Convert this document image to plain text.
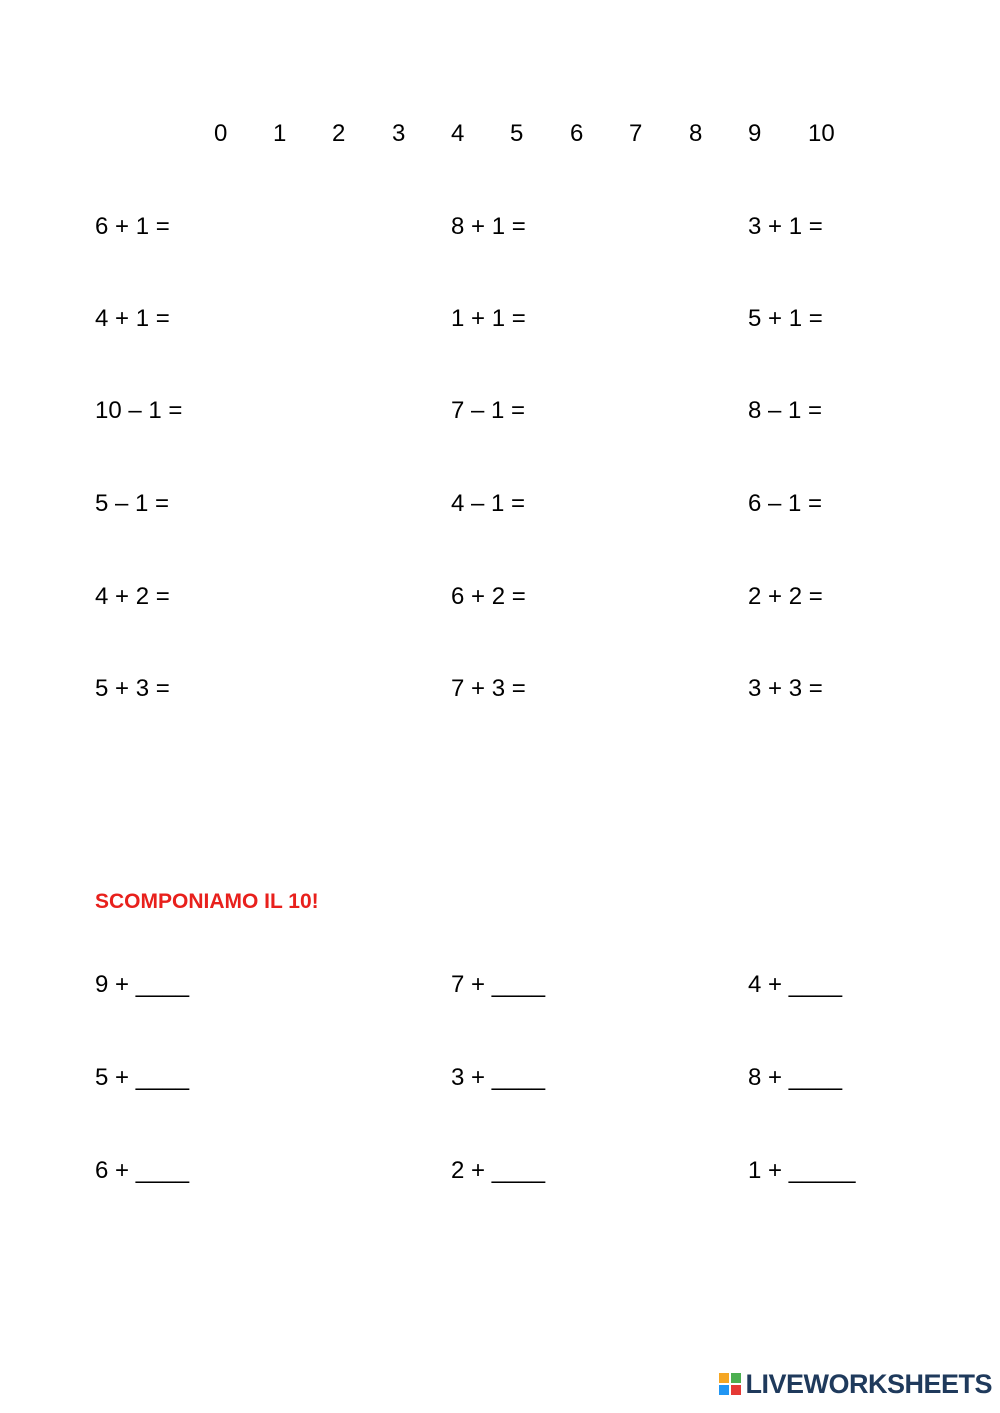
0 1 2 3 4 5 6 7 8 9 10
6 + 1 =	8 + 1 =	3 + 1 =
4 + 1 =	1 + 1 =	5 + 1 =
10 – 1 =	7 – 1 =	8 – 1 =
5 – 1 =	4 – 1 =	6 – 1 =
4 + 2 =	6 + 2 =	2 + 2 =
5 + 3 =	7 + 3 =	3 + 3 =
SCOMPONIAMO IL 10!
9 + ____	7 + ____	4 + ____
5 + ____	3 + ____	8 + ____
6 + ____	2 + ____	1 + _____
LIVEWORKSHEETS
